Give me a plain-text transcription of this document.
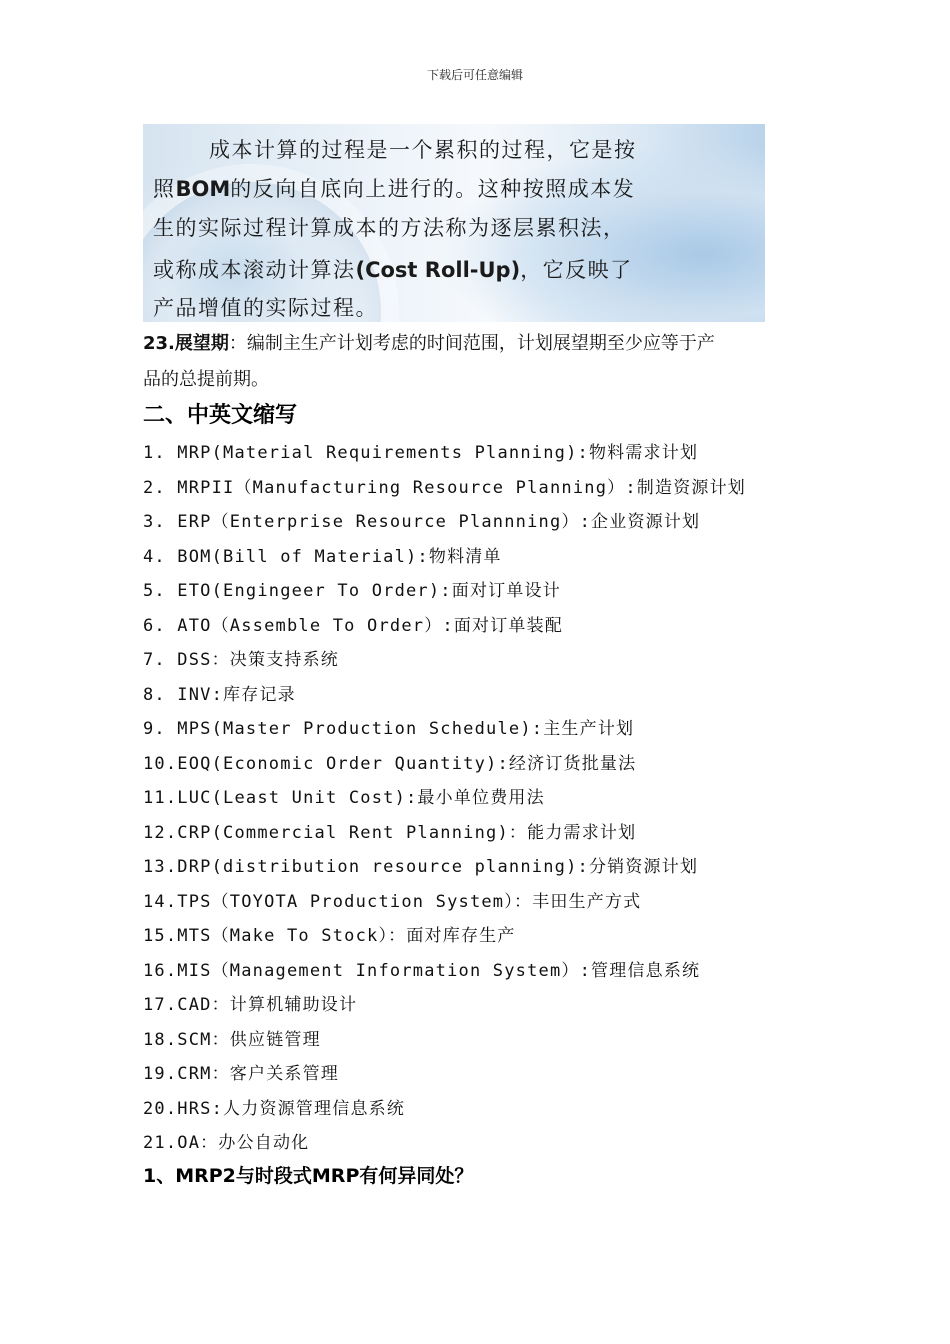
下载后可任意编辑
成本计算的过程是一个累积的过程，它是按
照BOM的反向自底向上进行的。这种按照成本发
生的实际过程计算成本的方法称为逐层累积法，
或称成本滚动计算法(Cost Roll-Up)，它反映了
产品增值的实际过程。
23.展望期：编制主生产计划考虑的时间范围，计划展望期至少应等于产
品的总提前期。
二、中英文缩写
1. MRP(Material Requirements Planning):物料需求计划
2. MRPII（Manufacturing Resource Planning）:制造资源计划
3. ERP（Enterprise Resource Plannning）:企业资源计划
4. BOM(Bill of Material):物料清单
5. ETO(Engingeer To Order):面对订单设计
6. ATO（Assemble To Order）:面对订单装配
7. DSS：决策支持系统
8. INV:库存记录
9. MPS(Master Production Schedule):主生产计划
10.EOQ(Economic Order Quantity):经济订货批量法
11.LUC(Least Unit Cost):最小单位费用法
12.CRP(Commercial Rent Planning)：能力需求计划
13.DRP(distribution resource planning):分销资源计划
14.TPS（TOYOTA Production System）：丰田生产方式
15.MTS（Make To Stock）：面对库存生产
16.MIS（Management Information System）:管理信息系统
17.CAD：计算机辅助设计
18.SCM：供应链管理
19.CRM：客户关系管理
20.HRS:人力资源管理信息系统
21.OA：办公自动化
1、MRP2与时段式MRP有何异同处？
